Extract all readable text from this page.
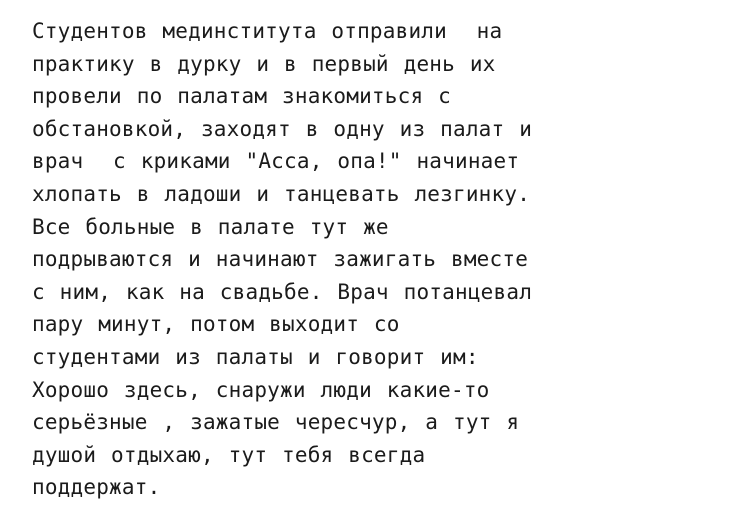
Студентов мединститута отправили  на
практику в дурку и в первый день их
провели по палатам знакомиться с
обстановкой, заходят в одну из палат и
врач  с криками "Асса, опа!" начинает
хлопать в ладоши и танцевать лезгинку.
Все больные в палате тут же
подрываются и начинают зажигать вместе
с ним, как на свадьбе. Врач потанцевал
пару минут, потом выходит со
студентами из палаты и говорит им:
Хорошо здесь, снаружи люди какие-то
серьёзные , зажатые чересчур, а тут я
душой отдыхаю, тут тебя всегда
поддержат.
